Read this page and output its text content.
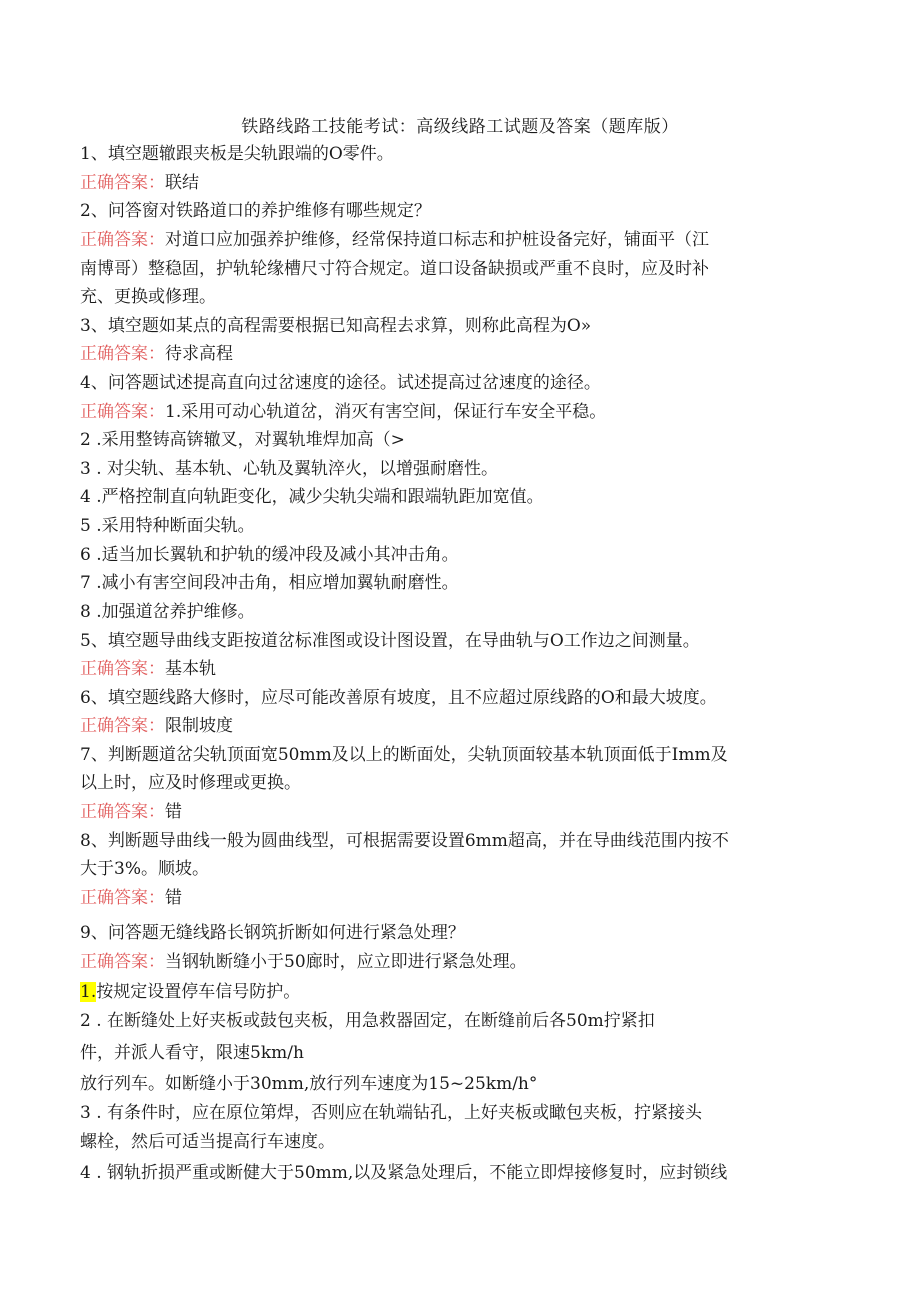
铁路线路工技能考试：高级线路工试题及答案（题库版）
1、填空题辙跟夹板是尖轨跟端的O零件。
正确答案：联结
2、问答窗对铁路道口的养护维修有哪些规定？
正确答案：对道口应加强养护维修，经常保持道口标志和护桩设备完好，铺面平（江
南博哥）整稳固，护轨轮缘槽尺寸符合规定。道口设备缺损或严重不良时，应及时补
充、更换或修理。
3、填空题如某点的高程需要根据已知高程去求算，则称此高程为O»
正确答案：待求高程
4、问答题试述提高直向过岔速度的途径。试述提高过岔速度的途径。
正确答案：1.采用可动心轨道岔，消灭有害空间，保证行车安全平稳。
2 .采用整铸高锛辙叉，对翼轨堆焊加高（>
3 . 对尖轨、基本轨、心轨及翼轨淬火，以增强耐磨性。
4 .严格控制直向轨距变化，减少尖轨尖端和跟端轨距加宽值。
5 .采用特种断面尖轨。
6 .适当加长翼轨和护轨的缓冲段及减小其冲击角。
7 .减小有害空间段冲击角，相应增加翼轨耐磨性。
8 .加强道岔养护维修。
5、填空题导曲线支距按道岔标准图或设计图设置，在导曲轨与O工作边之间测量。
正确答案：基本轨
6、填空题线路大修时，应尽可能改善原有坡度，且不应超过原线路的O和最大坡度。
正确答案：限制坡度
7、判断题道岔尖轨顶面宽50mm及以上的断面处，尖轨顶面较基本轨顶面低于Imm及
以上时，应及时修理或更换。
正确答案：错
8、判断题导曲线一般为圆曲线型，可根据需要设置6mm超高，并在导曲线范围内按不
大于3%。顺坡。
正确答案：错
9、问答题无缝线路长钢筑折断如何进行紧急处理？
正确答案：当钢轨断缝小于50廊时，应立即进行紧急处理。
1.按规定设置停车信号防护。
2 . 在断缝处上好夹板或鼓包夹板，用急救器固定，在断缝前后各50m拧紧扣
件，并派人看守，限速5km/h
放行列车。如断缝小于30mm,放行列车速度为15~25km/h°
3 . 有条件时，应在原位第焊，否则应在轨端钻孔，上好夹板或瞰包夹板，拧紧接头
螺栓，然后可适当提高行车速度。
4 . 钢轨折损严重或断健大于50mm,以及紧急处理后，不能立即焊接修复时，应封锁线
